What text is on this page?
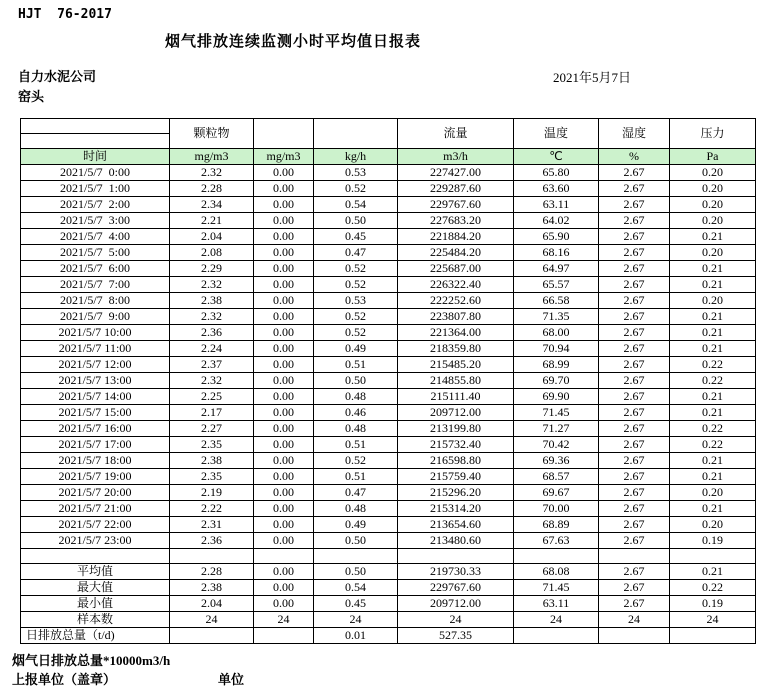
HJT  76-2017
烟气排放连续监测小时平均值日报表
自力水泥公司
窑头
2021年5月7日
	颗粒物			流量	温度	湿度	压力

时间	mg/m3	mg/m3	kg/h	m3/h	℃	%	Pa
2021/5/7  0:00	2.32	0.00	0.53	227427.00	65.80	2.67	0.20
2021/5/7  1:00	2.28	0.00	0.52	229287.60	63.60	2.67	0.20
2021/5/7  2:00	2.34	0.00	0.54	229767.60	63.11	2.67	0.20
2021/5/7  3:00	2.21	0.00	0.50	227683.20	64.02	2.67	0.20
2021/5/7  4:00	2.04	0.00	0.45	221884.20	65.90	2.67	0.21
2021/5/7  5:00	2.08	0.00	0.47	225484.20	68.16	2.67	0.20
2021/5/7  6:00	2.29	0.00	0.52	225687.00	64.97	2.67	0.21
2021/5/7  7:00	2.32	0.00	0.52	226322.40	65.57	2.67	0.21
2021/5/7  8:00	2.38	0.00	0.53	222252.60	66.58	2.67	0.20
2021/5/7  9:00	2.32	0.00	0.52	223807.80	71.35	2.67	0.21
2021/5/7 10:00	2.36	0.00	0.52	221364.00	68.00	2.67	0.21
2021/5/7 11:00	2.24	0.00	0.49	218359.80	70.94	2.67	0.21
2021/5/7 12:00	2.37	0.00	0.51	215485.20	68.99	2.67	0.22
2021/5/7 13:00	2.32	0.00	0.50	214855.80	69.70	2.67	0.22
2021/5/7 14:00	2.25	0.00	0.48	215111.40	69.90	2.67	0.21
2021/5/7 15:00	2.17	0.00	0.46	209712.00	71.45	2.67	0.21
2021/5/7 16:00	2.27	0.00	0.48	213199.80	71.27	2.67	0.22
2021/5/7 17:00	2.35	0.00	0.51	215732.40	70.42	2.67	0.22
2021/5/7 18:00	2.38	0.00	0.52	216598.80	69.36	2.67	0.21
2021/5/7 19:00	2.35	0.00	0.51	215759.40	68.57	2.67	0.21
2021/5/7 20:00	2.19	0.00	0.47	215296.20	69.67	2.67	0.20
2021/5/7 21:00	2.22	0.00	0.48	215314.20	70.00	2.67	0.21
2021/5/7 22:00	2.31	0.00	0.49	213654.60	68.89	2.67	0.20
2021/5/7 23:00	2.36	0.00	0.50	213480.60	67.63	2.67	0.19

平均值	2.28	0.00	0.50	219730.33	68.08	2.67	0.21
最大值	2.38	0.00	0.54	229767.60	71.45	2.67	0.22
最小值	2.04	0.00	0.45	209712.00	63.11	2.67	0.19
样本数	24	24	24	24	24	24	24
日排放总量（t/d)			0.01	527.35			
烟气日排放总量*10000m3/h
上报单位（盖章）	单位
